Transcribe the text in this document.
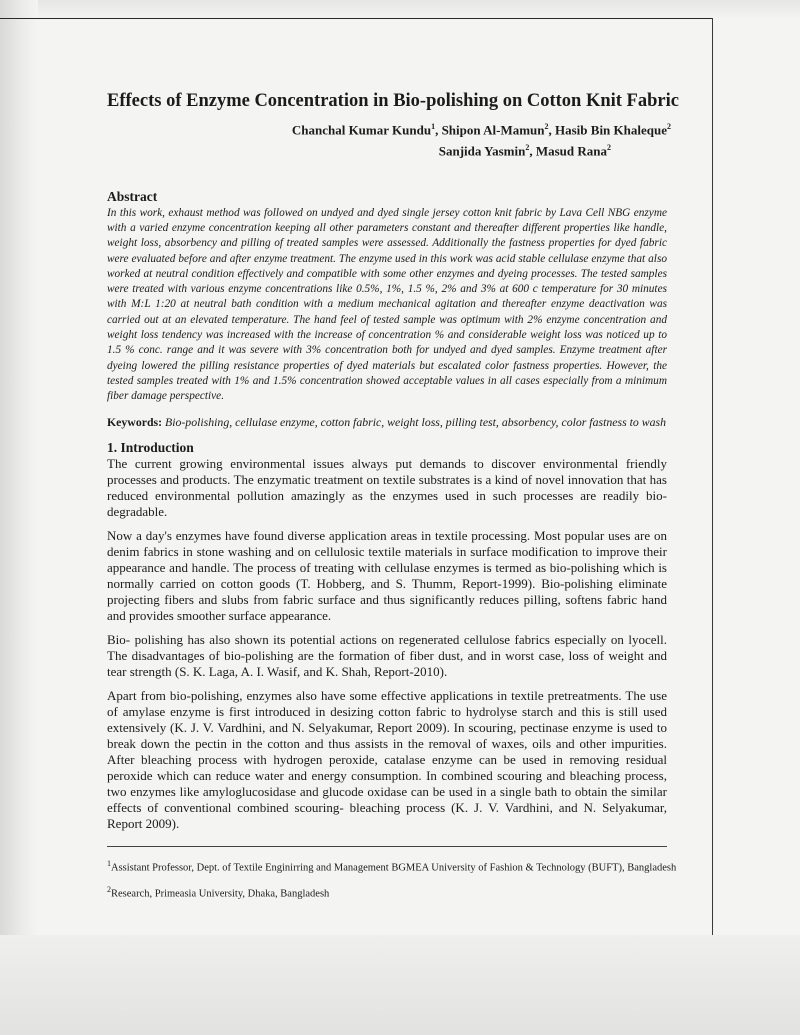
Effects of Enzyme Concentration in Bio-polishing on Cotton Knit Fabric
Chanchal Kumar Kundu$^1$, Shipon Al-Mamun$^2$, Hasib Bin Khaleque$^2$
Sanjida Yasmin$^2$, Masud Rana$^2$
Abstract

In this work, exhaust method was followed on undyed and dyed single jersey cotton knit fabric by Lava Cell NBG enzyme with a varied enzyme concentration keeping all other parameters constant and thereafter different properties like handle, weight loss, absorbency and pilling of treated samples were assessed. Additionally the fastness properties for dyed fabric were evaluated before and after enzyme treatment. The enzyme used in this work was acid stable cellulase enzyme that also worked at neutral condition effectively and compatible with some other enzymes and dyeing processes. The tested samples were treated with various enzyme concentrations like 0.5%, 1%, 1.5 %, 2% and 3% at 600 c temperature for 30 minutes with M:L 1:20 at neutral bath condition with a medium mechanical agitation and thereafter enzyme deactivation was carried out at an elevated temperature. The hand feel of tested sample was optimum with 2% enzyme concentration and weight loss tendency was increased with the increase of concentration % and considerable weight loss was noticed up to 1.5 % conc. range and it was severe with 3% concentration both for undyed and dyed samples. Enzyme treatment after dyeing lowered the pilling resistance properties of dyed materials but escalated color fastness properties. However, the tested samples treated with 1% and 1.5% concentration showed acceptable values in all cases especially from a minimum fiber damage perspective.

Keywords: Bio-polishing, cellulase enzyme, cotton fabric, weight loss, pilling test, absorbency, color fastness to wash

1. Introduction

The current growing environmental issues always put demands to discover environmental friendly processes and products. The enzymatic treatment on textile substrates is a kind of novel innovation that has reduced environmental pollution amazingly as the enzymes used in such processes are readily bio-degradable.

Now a day's enzymes have found diverse application areas in textile processing. Most popular uses are on denim fabrics in stone washing and on cellulosic textile materials in surface modification to improve their appearance and handle. The process of treating with cellulase enzymes is termed as bio-polishing which is normally carried on cotton goods (T. Hobberg, and S. Thumm, Report-1999). Bio-polishing eliminate projecting fibers and slubs from fabric surface and thus significantly reduces pilling, softens fabric hand and provides smoother surface appearance.

Bio- polishing has also shown its potential actions on regenerated cellulose fabrics especially on lyocell. The disadvantages of bio-polishing are the formation of fiber dust, and in worst case, loss of weight and tear strength (S. K. Laga, A. I. Wasif, and K. Shah, Report-2010).

Apart from bio-polishing, enzymes also have some effective applications in textile pretreatments. The use of amylase enzyme is first introduced in desizing cotton fabric to hydrolyse starch and this is still used extensively (K. J. V. Vardhini, and N. Selyakumar, Report 2009). In scouring, pectinase enzyme is used to break down the pectin in the cotton and thus assists in the removal of waxes, oils and other impurities. After bleaching process with hydrogen peroxide, catalase enzyme can be used in removing residual peroxide which can reduce water and energy consumption. In combined scouring and bleaching process, two enzymes like amyloglucosidase and glucode oxidase can be used in a single bath to obtain the similar effects of conventional combined scouring- bleaching process (K. J. V. Vardhini, and N. Selyakumar, Report 2009).

$^1$Assistant Professor, Dept. of Textile Enginirring and Management BGMEA University of Fashion & Technology (BUFT), Bangladesh

$^2$Research, Primeasia University, Dhaka, Bangladesh
